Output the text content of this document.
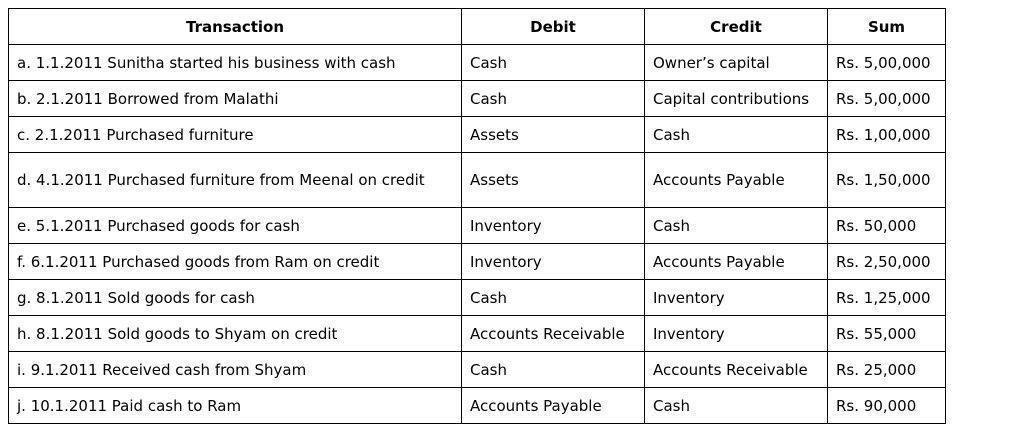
Transaction	Debit	Credit	Sum
a. 1.1.2011 Sunitha started his business with cash	Cash	Owner’s capital	Rs. 5,00,000
b. 2.1.2011 Borrowed from Malathi	Cash	Capital contributions	Rs. 5,00,000
c. 2.1.2011 Purchased furniture	Assets	Cash	Rs. 1,00,000
d. 4.1.2011 Purchased furniture from Meenal on credit	Assets	Accounts Payable	Rs. 1,50,000
e. 5.1.2011 Purchased goods for cash	Inventory	Cash	Rs. 50,000
f. 6.1.2011 Purchased goods from Ram on credit	Inventory	Accounts Payable	Rs. 2,50,000
g. 8.1.2011 Sold goods for cash	Cash	Inventory	Rs. 1,25,000
h. 8.1.2011 Sold goods to Shyam on credit	Accounts Receivable	Inventory	Rs. 55,000
i. 9.1.2011 Received cash from Shyam	Cash	Accounts Receivable	Rs. 25,000
j. 10.1.2011 Paid cash to Ram	Accounts Payable	Cash	Rs. 90,000
